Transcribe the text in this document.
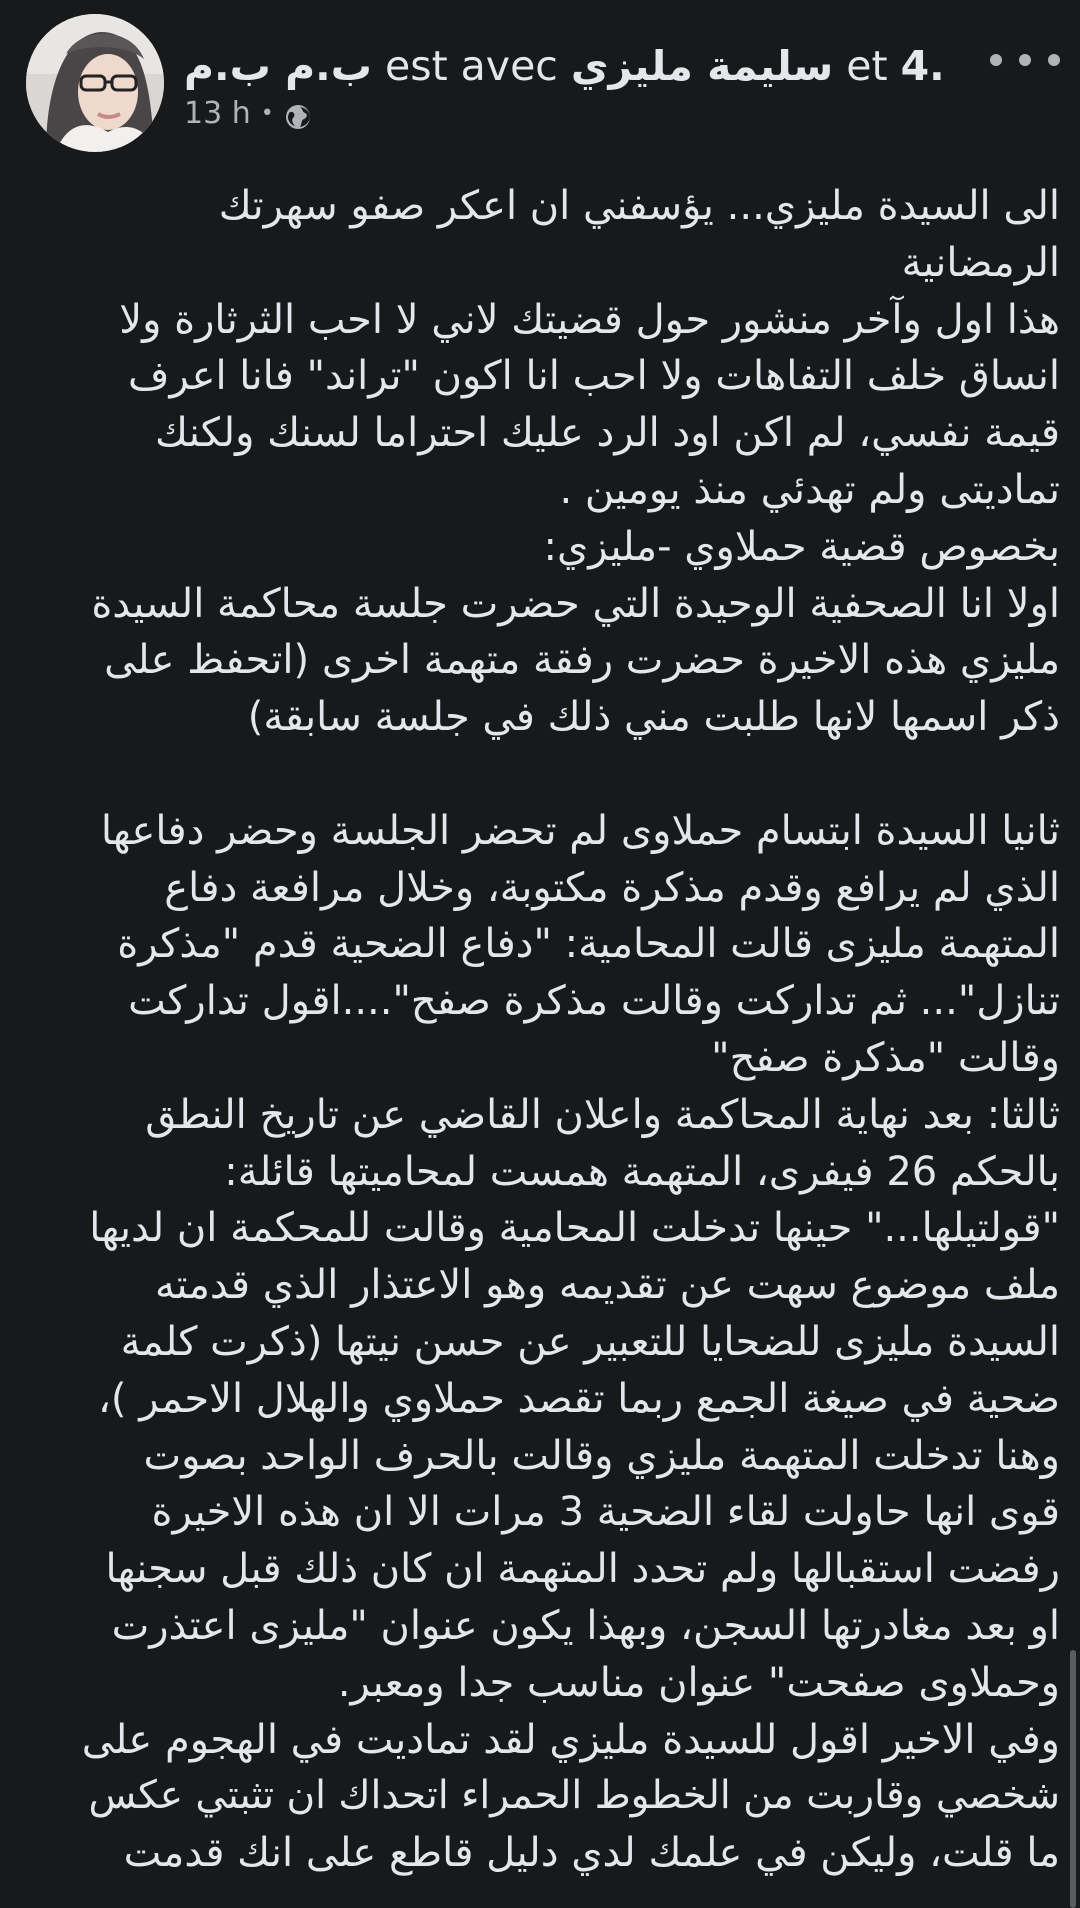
ب.م ب.م est avec سليمة مليزي et 4.
13 h •
الى السيدة مليزي... يؤسفني ان اعكر صفو سهرتك
الرمضانية
هذا اول وآخر منشور حول قضيتك لاني لا احب الثرثارة ولا
انساق خلف التفاهات ولا احب انا اكون "تراند" فانا اعرف
قيمة نفسي، لم اكن اود الرد عليك احتراما لسنك ولكنك
تماديتى ولم تهدئي منذ يومين .
بخصوص قضية حملاوي -مليزي:
اولا انا الصحفية الوحيدة التي حضرت جلسة محاكمة السيدة
مليزي هذه الاخيرة حضرت رفقة متهمة اخرى (اتحفظ على
ذكر اسمها لانها طلبت مني ذلك في جلسة سابقة)
ثانيا السيدة ابتسام حملاوى لم تحضر الجلسة وحضر دفاعها
الذي لم يرافع وقدم مذكرة مكتوبة، وخلال مرافعة دفاع
المتهمة مليزى قالت المحامية: "دفاع الضحية قدم "مذكرة
تنازل"... ثم تداركت وقالت مذكرة صفح"....اقول تداركت
وقالت "مذكرة صفح"
ثالثا: بعد نهاية المحاكمة واعلان القاضي عن تاريخ النطق
بالحكم 26 فيفرى، المتهمة همست لمحاميتها قائلة:
"قولتيلها..." حينها تدخلت المحامية وقالت للمحكمة ان لديها
ملف موضوع سهت عن تقديمه وهو الاعتذار الذي قدمته
السيدة مليزى للضحايا للتعبير عن حسن نيتها (ذكرت كلمة
ضحية في صيغة الجمع ربما تقصد حملاوي والهلال الاحمر )،
وهنا تدخلت المتهمة مليزي وقالت بالحرف الواحد بصوت
قوى انها حاولت لقاء الضحية 3 مرات الا ان هذه الاخيرة
رفضت استقبالها ولم تحدد المتهمة ان كان ذلك قبل سجنها
او بعد مغادرتها السجن، وبهذا يكون عنوان "مليزى اعتذرت
وحملاوى صفحت" عنوان مناسب جدا ومعبر.
وفي الاخير اقول للسيدة مليزي لقد تماديت في الهجوم على
شخصي وقاربت من الخطوط الحمراء اتحداك ان تثبتي عكس
ما قلت، وليكن في علمك لدي دليل قاطع على انك قدمت
